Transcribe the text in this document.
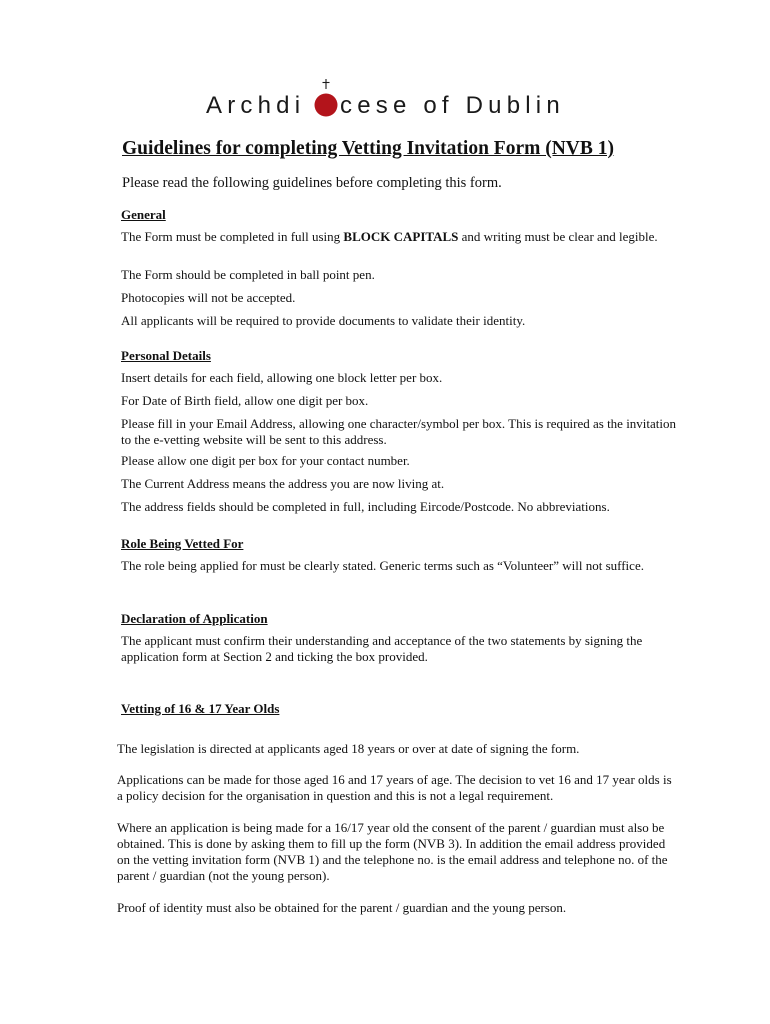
Archdi cese of Dublin
Guidelines for completing Vetting Invitation Form (NVB 1)
Please read the following guidelines before completing this form.
General
The Form must be completed in full using BLOCK CAPITALS and writing must be clear and legible.
The Form should be completed in ball point pen.
Photocopies will not be accepted.
All applicants will be required to provide documents to validate their identity.
Personal Details
Insert details for each field, allowing one block letter per box.
For Date of Birth field, allow one digit per box.
Please fill in your Email Address, allowing one character/symbol per box. This is required as the invitation to the e-vetting website will be sent to this address.
Please allow one digit per box for your contact number.
The Current Address means the address you are now living at.
The address fields should be completed in full, including Eircode/Postcode. No abbreviations.
Role Being Vetted For
The role being applied for must be clearly stated. Generic terms such as “Volunteer” will not suffice.
Declaration of Application
The applicant must confirm their understanding and acceptance of the two statements by signing the application form at Section 2 and ticking the box provided.
Vetting of 16 & 17 Year Olds
The legislation is directed at applicants aged 18 years or over at date of signing the form.
Applications can be made for those aged 16 and 17 years of age. The decision to vet 16 and 17 year olds is a policy decision for the organisation in question and this is not a legal requirement.
Where an application is being made for a 16/17 year old the consent of the parent / guardian must also be obtained. This is done by asking them to fill up the form (NVB 3). In addition the email address provided on the vetting invitation form (NVB 1) and the telephone no. is the email address and telephone no. of the parent / guardian (not the young person).
Proof of identity must also be obtained for the parent / guardian and the young person.
